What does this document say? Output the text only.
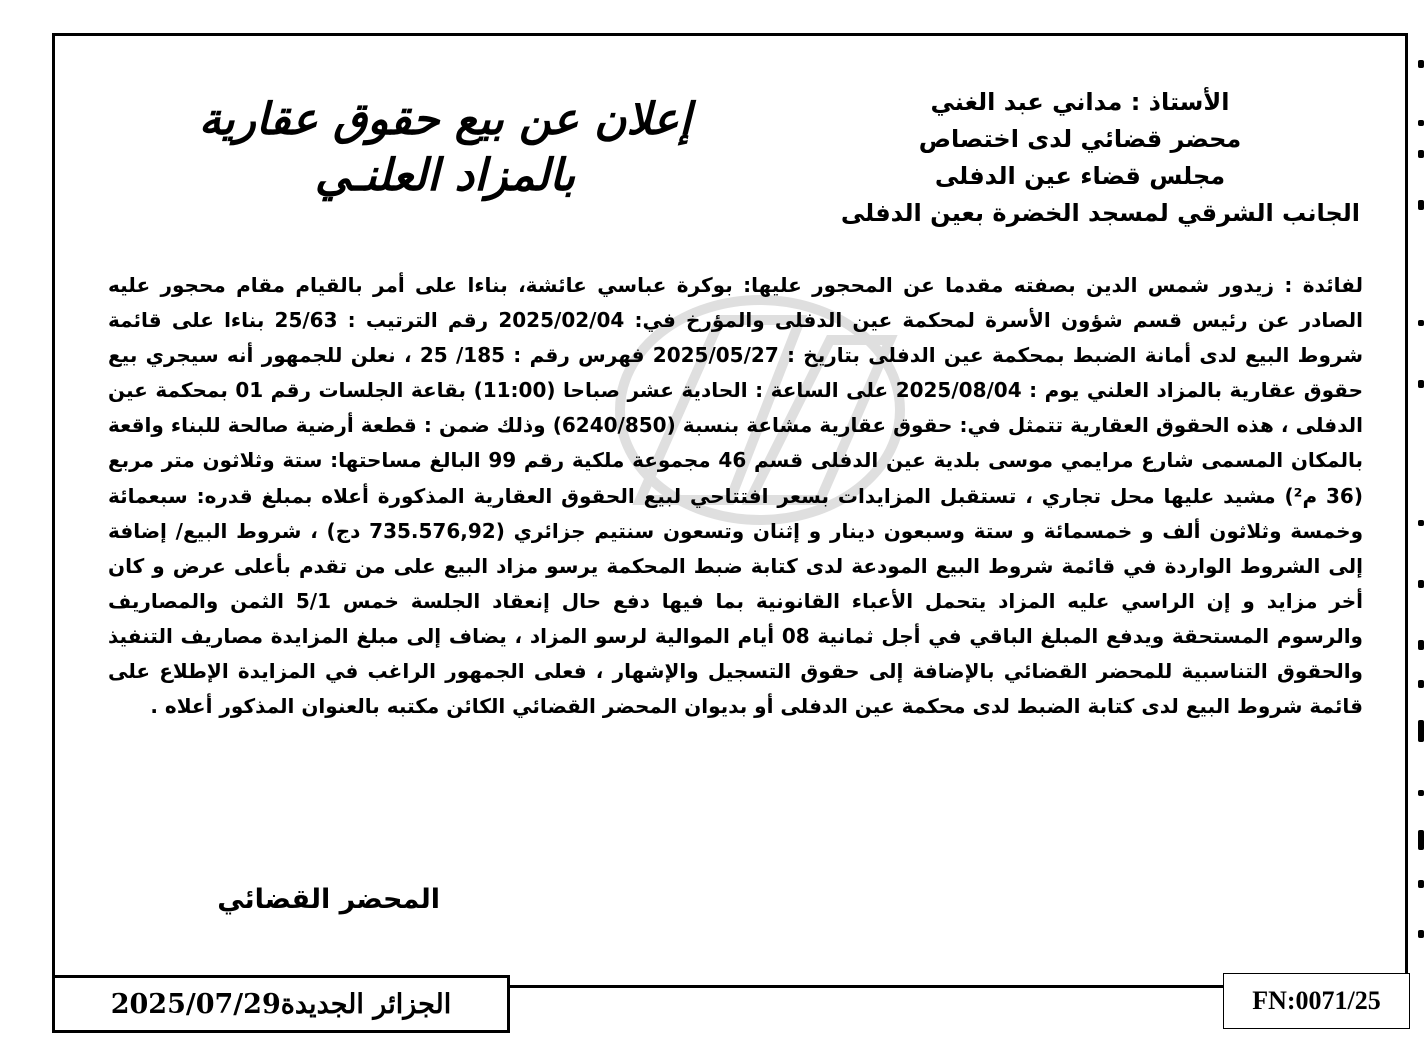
الأستاذ : مداني عبد الغني
محضر قضائي لدى اختصاص
مجلس قضاء عين الدفلى
الجانب الشرقي لمسجد الخضرة بعين الدفلى
إعلان عن بيع حقوق عقارية
بالمزاد العلنـي
لفائدة : زيدور شمس الدين بصفته مقدما عن المحجور عليها: بوكرة عباسي عائشة، بناءا على أمر بالقيام مقام محجور عليه الصادر عن رئيس قسم شؤون الأسرة لمحكمة عين الدفلى والمؤرخ في: 2025/02/04 رقم الترتيب : 25/63 بناءا على قائمة شروط البيع لدى أمانة الضبط بمحكمة عين الدفلى بتاريخ : 2025/05/27 فهرس رقم : 185/ 25 ، نعلن للجمهور أنه سيجري بيع حقوق عقارية بالمزاد العلني يوم : 2025/08/04 على الساعة : الحادية عشر صباحا (11:00) بقاعة الجلسات رقم 01 بمحكمة عين الدفلى ، هذه الحقوق العقارية تتمثل في: حقوق عقارية مشاعة بنسبة (6240/850) وذلك ضمن : قطعة أرضية صالحة للبناء واقعة بالمكان المسمى شارع مرايمي موسى بلدية عين الدفلى قسم 46 مجموعة ملكية رقم 99 البالغ مساحتها: ستة وثلاثون متر مربع (36 م²) مشيد عليها محل تجاري ، تستقبل المزايدات بسعر افتتاحي لبيع الحقوق العقارية المذكورة أعلاه بمبلغ قدره: سبعمائة وخمسة وثلاثون ألف و خمسمائة و ستة وسبعون دينار و إثنان وتسعون سنتيم جزائري (735.576,92 دج) ، شروط البيع/ إضافة إلى الشروط الواردة في قائمة شروط البيع المودعة لدى كتابة ضبط المحكمة يرسو مزاد البيع على من تقدم بأعلى عرض و كان أخر مزايد و إن الراسي عليه المزاد يتحمل الأعباء القانونية بما فيها دفع حال إنعقاد الجلسة خمس 5/1 الثمن والمصاريف والرسوم المستحقة ويدفع المبلغ الباقي في أجل ثمانية 08 أيام الموالية لرسو المزاد ، يضاف إلى مبلغ المزايدة مصاريف التنفيذ والحقوق التناسبية للمحضر القضائي بالإضافة إلى حقوق التسجيل والإشهار ، فعلى الجمهور الراغب في المزايدة الإطلاع على قائمة شروط البيع لدى كتابة الضبط لدى محكمة عين الدفلى أو بديوان المحضر القضائي الكائن مكتبه بالعنوان المذكور أعلاه .
المحضر القضائي
الجزائر الجديدة2025/07/29	FN:0071/25
